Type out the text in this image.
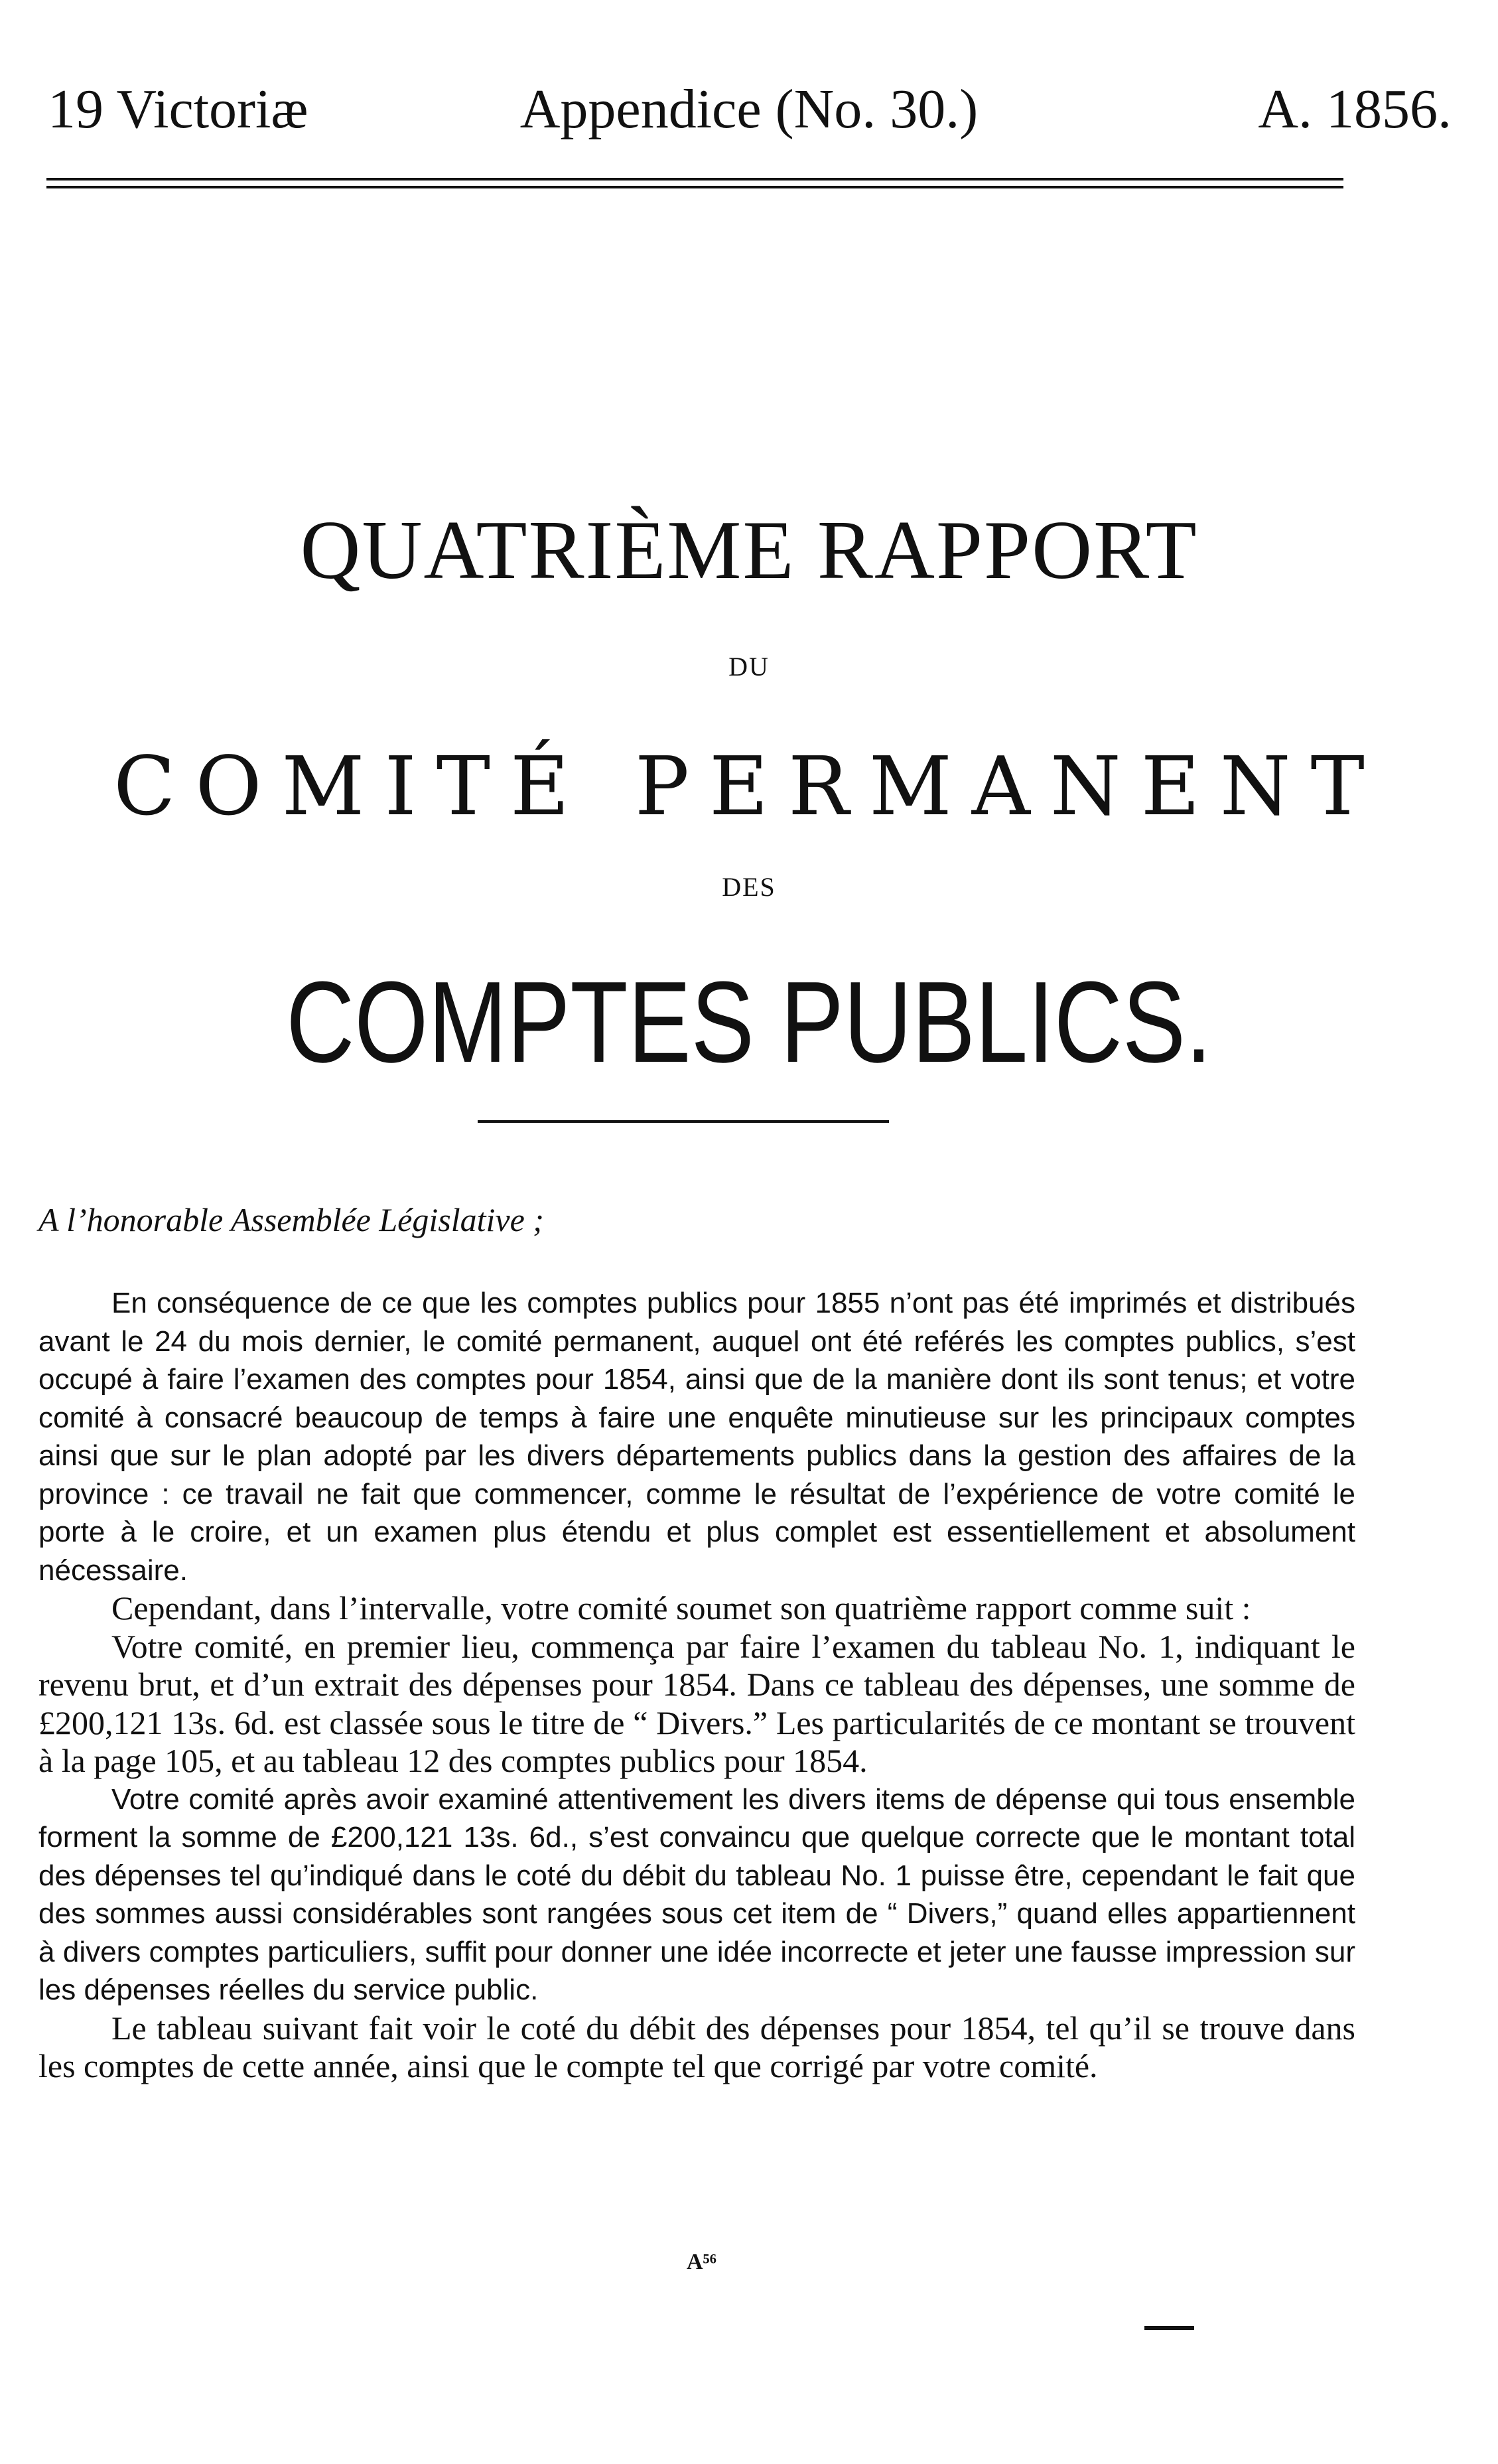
19 Victoriæ	Appendice (No. 30.)	A. 1856.
QUATRIÈME RAPPORT
DU
COMITÉ PERMANENT
DES
COMPTES PUBLICS.
A l’honorable Assemblée Législative ;

En conséquence de ce que les comptes publics pour 1855 n’ont pas été imprimés et distribués avant le 24 du mois dernier, le comité permanent, auquel ont été reférés les comptes publics, s’est occupé à faire l’examen des comptes pour 1854, ainsi que de la manière dont ils sont tenus; et votre comité à consacré beaucoup de temps à faire une enquête minutieuse sur les principaux comptes ainsi que sur le plan adopté par les divers départements publics dans la gestion des affaires de la province : ce travail ne fait que commencer, comme le résultat de l’expérience de votre comité le porte à le croire, et un examen plus étendu et plus complet est essentiellement et absolument nécessaire.

Cependant, dans l’intervalle, votre comité soumet son quatrième rapport comme suit :

Votre comité, en premier lieu, commença par faire l’examen du tableau No. 1, indiquant le revenu brut, et d’un extrait des dépenses pour 1854. Dans ce tableau des dépenses, une somme de £200,121 13s. 6d. est classée sous le titre de “ Divers.” Les particularités de ce montant se trouvent à la page 105, et au tableau 12 des comptes publics pour 1854.

Votre comité après avoir examiné attentivement les divers items de dépense qui tous ensemble forment la somme de £200,121 13s. 6d., s’est convaincu que quelque correcte que le montant total des dépenses tel qu’indiqué dans le coté du débit du tableau No. 1 puisse être, cependant le fait que des sommes aussi considérables sont rangées sous cet item de “ Divers,” quand elles appartiennent à divers comptes particuliers, suffit pour donner une idée incorrecte et jeter une fausse impression sur les dépenses réelles du service public.

Le tableau suivant fait voir le coté du débit des dépenses pour 1854, tel qu’il se trouve dans les comptes de cette année, ainsi que le compte tel que corrigé par votre comité.

A⁵⁶
